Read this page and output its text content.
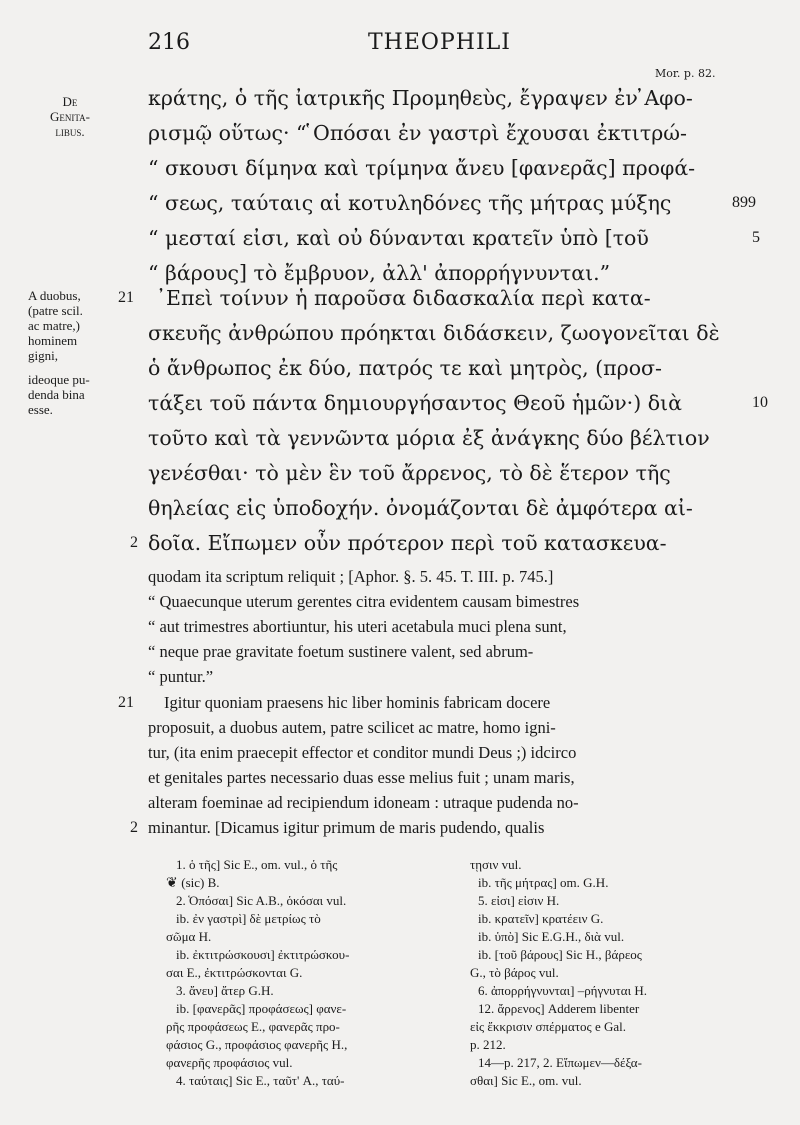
216	THEOPHILI
Mor. p. 82.
De
Genita-
libus.
A duobus,
(patre scil.
ac matre,)
hominem
gigni,
ideoque pu-
denda bina
esse.
κράτης, ὁ τῆς ἰατρικῆς Προμηθεὺς, ἔγραψεν ἐν ̓Αφο-
ρισμῷ οὕτως· “ ̔Οπόσαι ἐν γαστρὶ ἔχουσαι ἐκτιτρώ-
“ σκουσι δίμηνα καὶ τρίμηνα ἄνευ [φανερᾶς] προφά-
“ σεως, ταύταις αἱ κοτυληδόνες τῆς μήτρας μύξης
“ μεσταί εἰσι, καὶ οὐ δύνανται κρατεῖν ὑπὸ [τοῦ
“ βάρους] τὸ ἔμβρυον, ἀλλ' ἀπορρήγνυνται.”
̓Επεὶ τοίνυν ἡ παροῦσα διδασκαλία περὶ κατα-
σκευῆς ἀνθρώπου πρόηκται διδάσκειν, ζωογονεῖται δὲ
ὁ ἄνθρωπος ἐκ δύο, πατρός τε καὶ μητρὸς, (προσ-
τάξει τοῦ πάντα δημιουργήσαντος Θεοῦ ἡμῶν·) διὰ
τοῦτο καὶ τὰ γεννῶντα μόρια ἐξ ἀνάγκης δύο βέλτιον
γενέσθαι· τὸ μὲν ἓν τοῦ ἄρρενος, τὸ δὲ ἕτερον τῆς
θηλείας εἰς ὑποδοχήν. ὀνομάζονται δὲ ἀμφότερα αἰ-
δοῖα. Εἴπωμεν οὖν πρότερον περὶ τοῦ κατασκευα-
899
5
21
10
2
quodam ita scriptum reliquit ; [Aphor. §. 5. 45. T. III. p. 745.]
“ Quaecunque uterum gerentes citra evidentem causam bimestres
“ aut trimestres abortiuntur, his uteri acetabula muci plena sunt,
“ neque prae gravitate foetum sustinere valent, sed abrum-
“ puntur.”
Igitur quoniam praesens hic liber hominis fabricam docere
proposuit, a duobus autem, patre scilicet ac matre, homo igni-
tur, (ita enim praecepit effector et conditor mundi Deus ;) idcirco
et genitales partes necessario duas esse melius fuit ; unam maris,
alteram foeminae ad recipiendum idoneam : utraque pudenda no-
minantur. [Dicamus igitur primum de maris pudendo, qualis
21
2
1. ὁ τῆς] Sic E., om. vul., ὁ τῆς
❦ (sic) B.
2. ̔Οπόσαι] Sic A.B., ὁκόσαι vul.
ib. ἐν γαστρὶ] δὲ μετρίως τὸ
σῶμα H.
ib. ἐκτιτρώσκουσι] ἐκτιτρώσκου-
σαι E., ἐκτιτρώσκονται G.
3. ἄνευ] ἄτερ G.H.
ib. [φανερᾶς] προφάσεως] φανε-
ρῆς προφάσεως E., φανερᾶς προ-
φάσιος G., προφάσιος φανερῆς H.,
φανερῆς προφάσιος vul.
4. ταύταις] Sic E., ταῦτ' A., ταύ-
τῃσιν vul.
ib. τῆς μήτρας] om. G.H.
5. εἰσι] εἰσιν H.
ib. κρατεῖν] κρατέειν G.
ib. ὑπὸ] Sic E.G.H., διὰ vul.
ib. [τοῦ βάρους] Sic H., βάρεος
G., τὸ βάρος vul.
6. ἀπορρήγνυνται] –ρήγνυται H.
12. ἄρρενος] Adderem libenter
εἰς ἔκκρισιν σπέρματος e Gal.
p. 212.
14—p. 217, 2. Εἴπωμεν—δέξα-
σθαι] Sic E., om. vul.
